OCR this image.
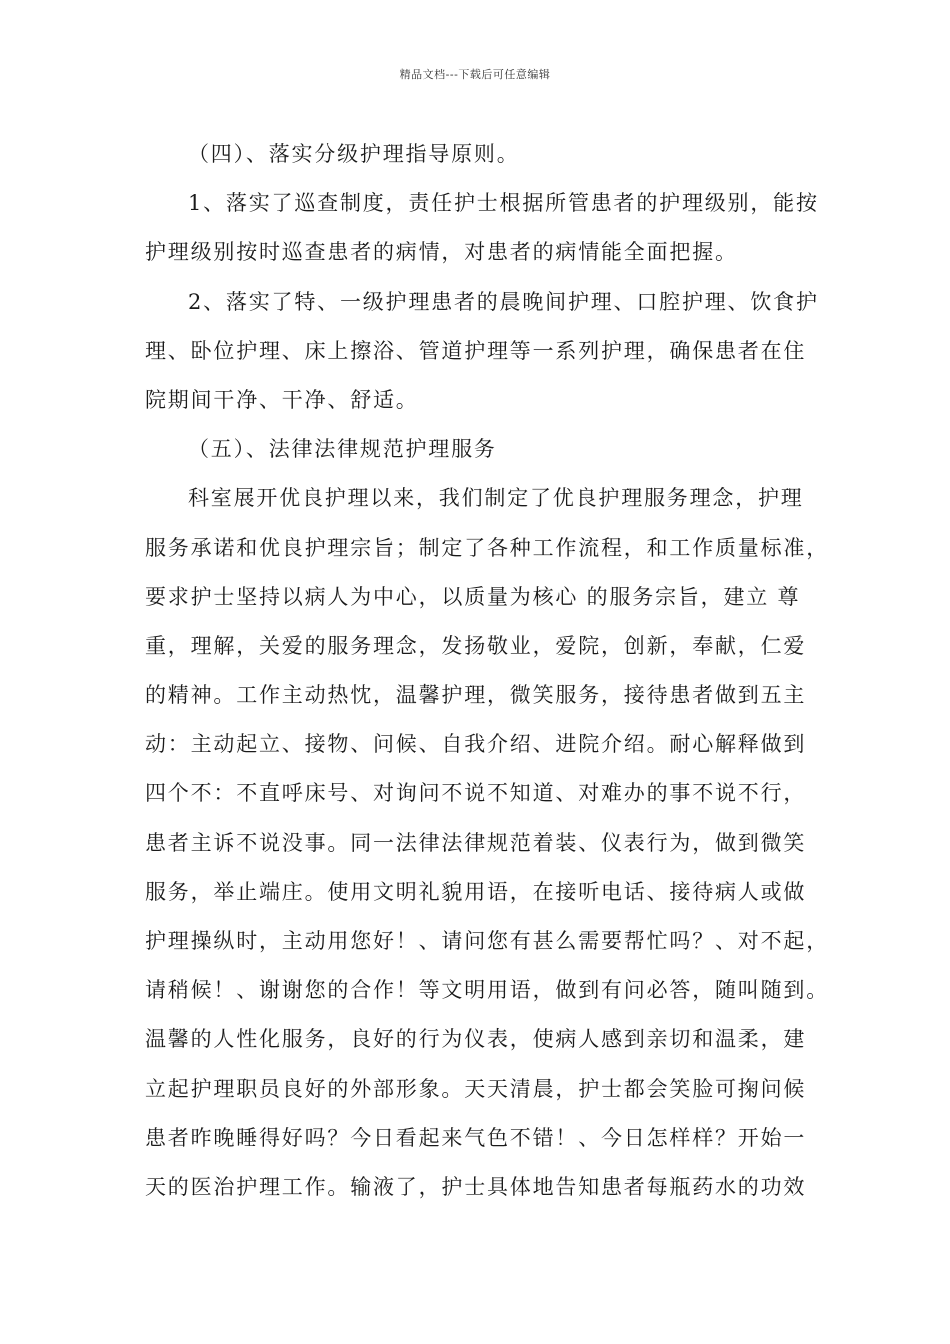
精品文档---下载后可任意编辑
（四）、落实分级护理指导原则。
1、落实了巡查制度，责任护士根据所管患者的护理级别，能按
护理级别按时巡查患者的病情，对患者的病情能全面把握。
2、落实了特、一级护理患者的晨晚间护理、口腔护理、饮食护
理、卧位护理、床上擦浴、管道护理等一系列护理，确保患者在住
院期间干净、干净、舒适。
（五）、法律法律规范护理服务
科室展开优良护理以来，我们制定了优良护理服务理念，护理
服务承诺和优良护理宗旨；制定了各种工作流程，和工作质量标准，
要求护士坚持以病人为中心，以质量为核心 的服务宗旨，建立 尊
重，理解，关爱的服务理念，发扬敬业，爱院，创新，奉献，仁爱
的精神。工作主动热忱，温馨护理，微笑服务，接待患者做到五主
动：主动起立、接物、问候、自我介绍、进院介绍。耐心解释做到
四个不：不直呼床号、对询问不说不知道、对难办的事不说不行，
患者主诉不说没事。同一法律法律规范着装、仪表行为，做到微笑
服务，举止端庄。使用文明礼貌用语，在接听电话、接待病人或做
护理操纵时，主动用您好！、请问您有甚么需要帮忙吗？、对不起，
请稍候！、谢谢您的合作！等文明用语，做到有问必答，随叫随到。
温馨的人性化服务，良好的行为仪表，使病人感到亲切和温柔，建
立起护理职员良好的外部形象。天天清晨，护士都会笑脸可掬问候
患者昨晚睡得好吗？今日看起来气色不错！、今日怎样样？开始一
天的医治护理工作。输液了，护士具体地告知患者每瓶药水的功效
